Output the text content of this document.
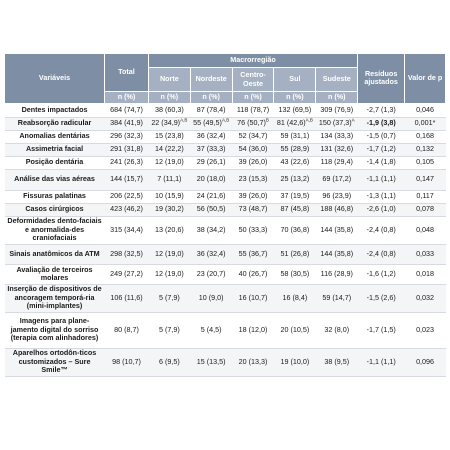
Variáveis	Total	Macrorregião					Resíduos ajustados	Valor de p
		Norte	Nordeste	Centro-Oeste	Sul	Sudeste		
	n (%)	n (%)	n (%)	n (%)	n (%)	n (%)		
Dentes impactados	684 (74,7)	38 (60,3)	87 (78,4)	118 (78,7)	132 (69,5)	309 (76,9)	-2,7 (1,3)	0,046
Reabsorção radicular	384 (41,9)	22 $(34,9)^{A,B}$	55 $(49,5)^{A,B}$	76 $(50,7)^B$	81 $(42,6)^{A,B}$	150 $(37,3)^A$	-1,9 (3,8)	0,001*
Anomalias dentárias	296 (32,3)	15 (23,8)	36 (32,4)	52 (34,7)	59 (31,1)	134 (33,3)	-1,5 (0,7)	0,168
Assimetria facial	291 (31,8)	14 (22,2)	37 (33,3)	54 (36,0)	55 (28,9)	131 (32,6)	-1,7 (1,2)	0,132
Posição dentária	241 (26,3)	12 (19,0)	29 (26,1)	39 (26,0)	43 (22,6)	118 (29,4)	-1,4 (1,8)	0,105
Análise das vias aéreas	144 (15,7)	7 (11,1)	20 (18,0)	23 (15,3)	25 (13,2)	69 (17,2)	-1,1 (1,1)	0,147
Fissuras palatinas	206 (22,5)	10 (15,9)	24 (21,6)	39 (26,0)	37 (19,5)	96 (23,9)	-1,3 (1,1)	0,117
Casos cirúrgicos	423 (46,2)	19 (30,2)	56 (50,5)	73 (48,7)	87 (45,8)	188 (46,8)	-2,6 (1,0)	0,078
Deformidades dento-faciais e anormalida-des craniofaciais	315 (34,4)	13 (20,6)	38 (34,2)	50 (33,3)	70 (36,8)	144 (35,8)	-2,4 (0,8)	0,048
Sinais anatômicos da ATM	298 (32,5)	12 (19,0)	36 (32,4)	55 (36,7)	51 (26,8)	144 (35,8)	-2,4 (0,8)	0,033
Avaliação de terceiros molares	249 (27,2)	12 (19,0)	23 (20,7)	40 (26,7)	58 (30,5)	116 (28,9)	-1,6 (1,2)	0,018
Inserção de dispositivos de ancoragem temporá-ria (mini-implantes)	106 (11,6)	5 (7,9)	10 (9,0)	16 (10,7)	16 (8,4)	59 (14,7)	-1,5 (2,6)	0,032
Imagens para plane-jamento digital do sorriso (terapia com alinhadores)	80 (8,7)	5 (7,9)	5 (4,5)	18 (12,0)	20 (10,5)	32 (8,0)	-1,7 (1,5)	0,023
Aparelhos ortodôn-ticos customizados – Sure Smile™	98 (10,7)	6 (9,5)	15 (13,5)	20 (13,3)	19 (10,0)	38 (9,5)	-1,1 (1,1)	0,096
